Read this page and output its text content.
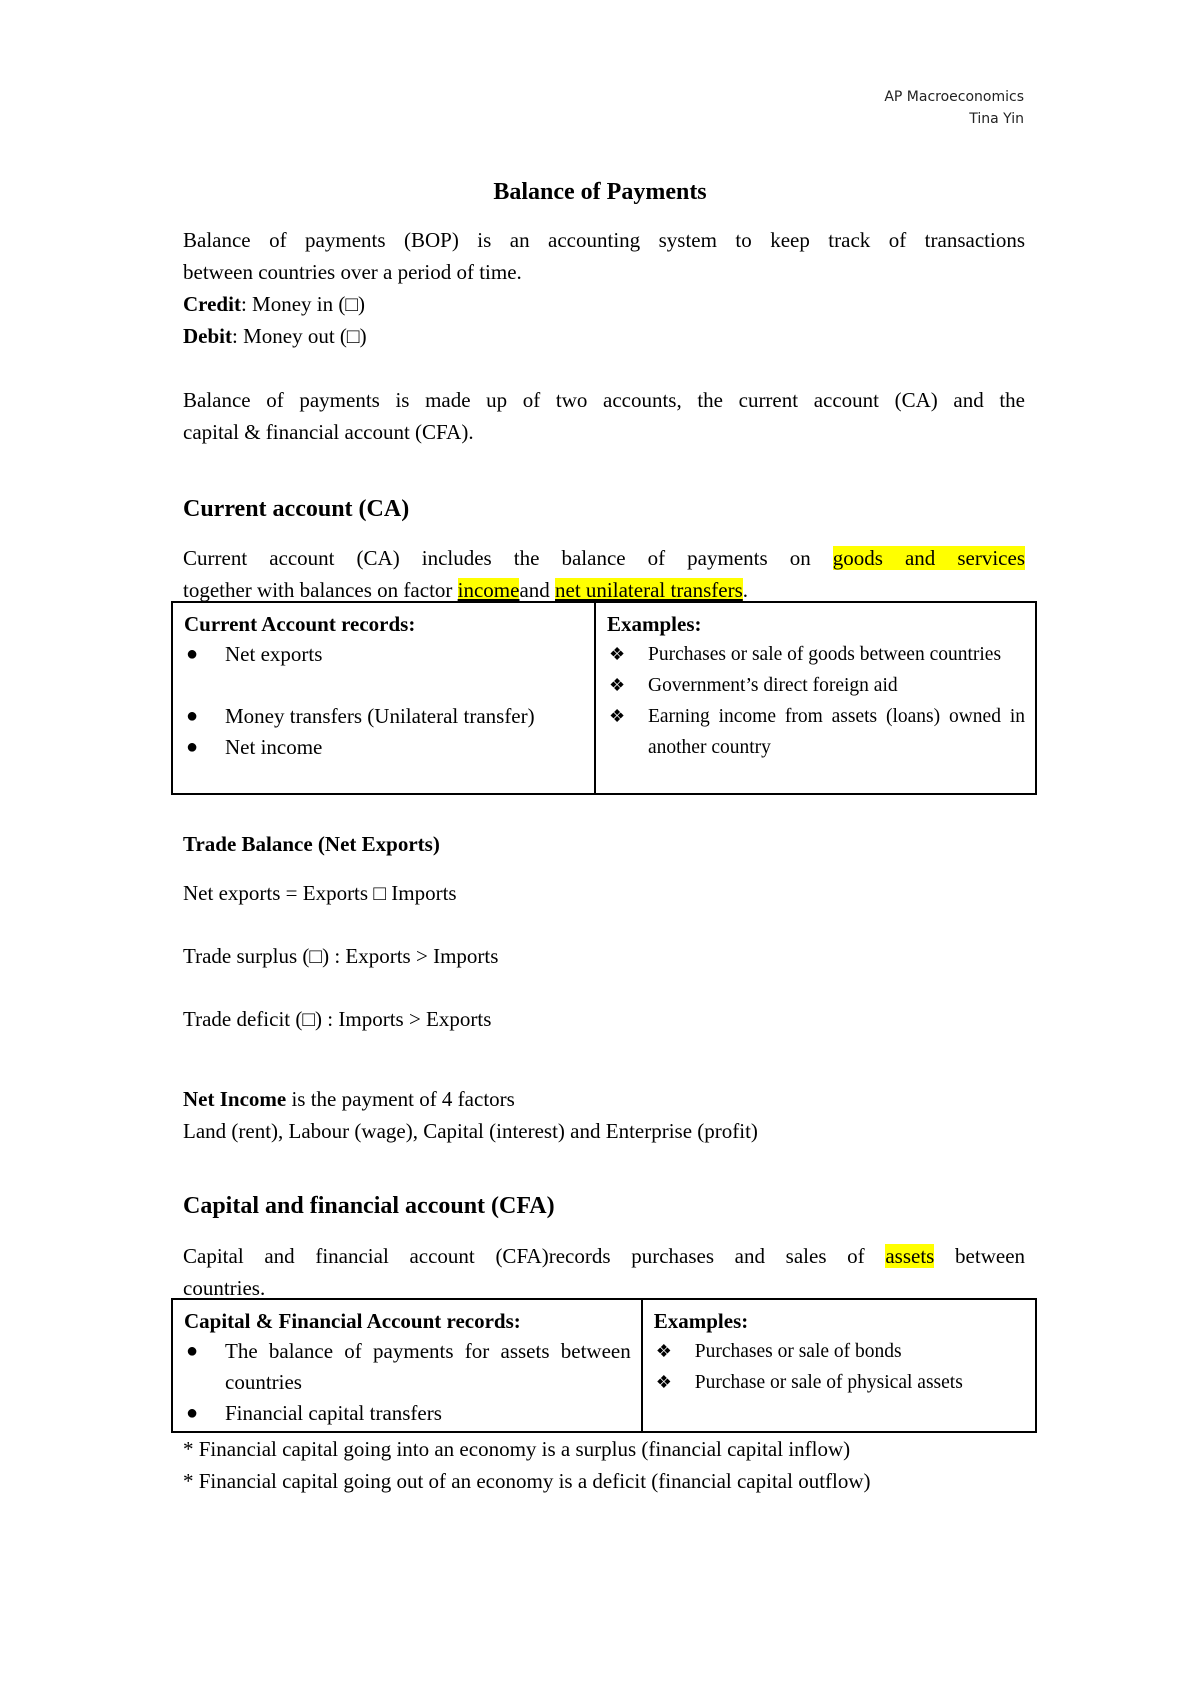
AP Macroeconomics
Tina Yin
Balance of Payments
Balance of payments (BOP) is an accounting system to keep track of transactions
between countries over a period of time.
Credit: Money in (□)
Debit: Money out (□)
Balance of payments is made up of two accounts, the current account (CA) and the
capital & financial account (CFA).
Current account (CA)
Current account (CA) includes the balance of payments on goods and services
together with balances on factor incomeand net unilateral transfers.
Current Account records:
● Net exports
● Money transfers (Unilateral transfer)
● Net income

Examples:
❖ Purchases or sale of goods between countries
❖ Government’s direct foreign aid
❖ Earning income from assets (loans) owned in another country
Trade Balance (Net Exports)
Net exports = Exports □ Imports
Trade surplus (□) : Exports > Imports
Trade deficit (□) : Imports > Exports
Net Income is the payment of 4 factors
Land (rent), Labour (wage), Capital (interest) and Enterprise (profit)
Capital and financial account (CFA)
Capital and financial account (CFA)records purchases and sales of assets between
countries.
Capital & Financial Account records:
● The balance of payments for assets between countries
● Financial capital transfers

Examples:
❖ Purchases or sale of bonds
❖ Purchase or sale of physical assets
* Financial capital going into an economy is a surplus (financial capital inflow)
* Financial capital going out of an economy is a deficit (financial capital outflow)
